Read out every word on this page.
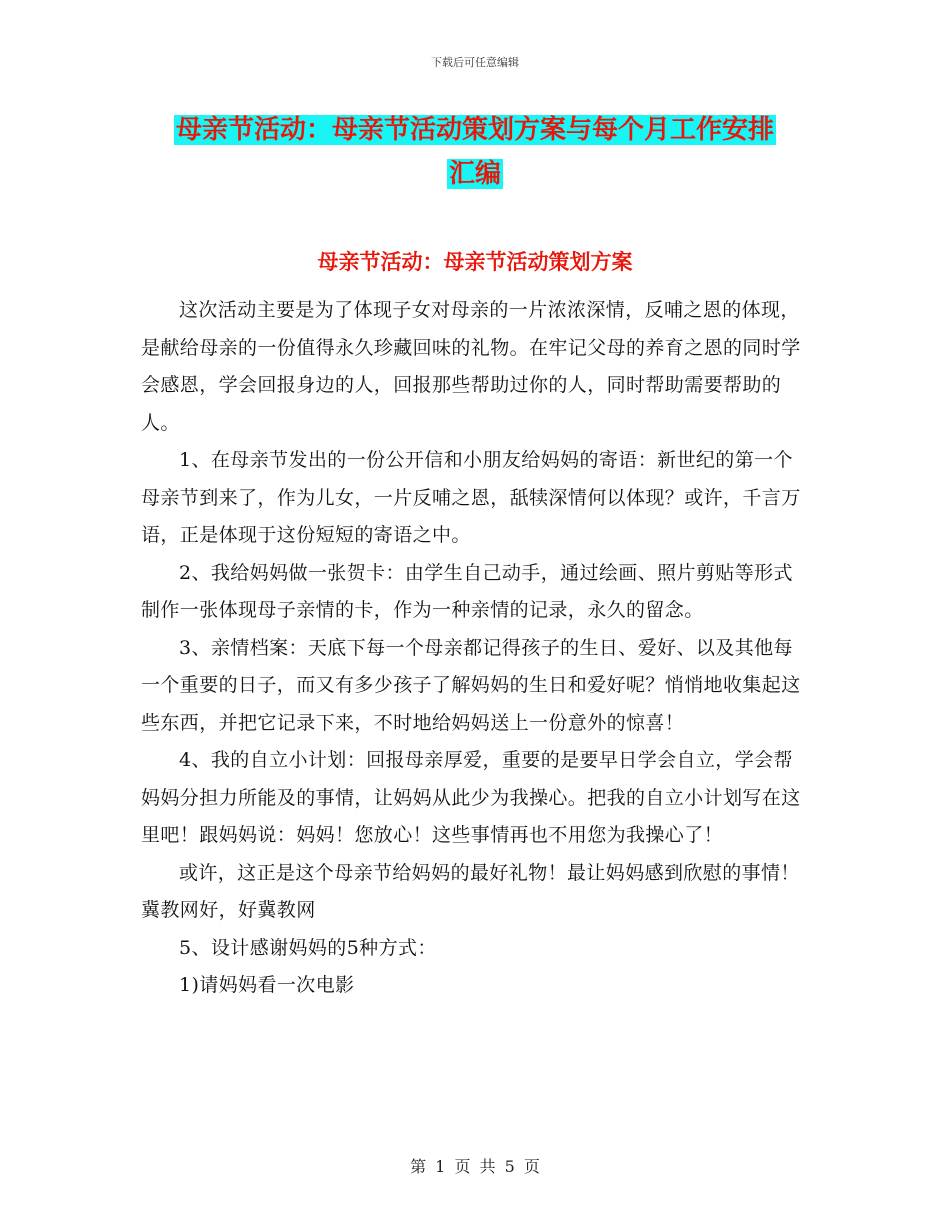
下载后可任意编辑
母亲节活动：母亲节活动策划方案与每个月工作安排
汇编
母亲节活动：母亲节活动策划方案

这次活动主要是为了体现子女对母亲的一片浓浓深情，反哺之恩的体现，是献给母亲的一份值得永久珍藏回味的礼物。在牢记父母的养育之恩的同时学会感恩，学会回报身边的人，回报那些帮助过你的人，同时帮助需要帮助的人。

1、在母亲节发出的一份公开信和小朋友给妈妈的寄语：新世纪的第一个母亲节到来了，作为儿女，一片反哺之恩，舐犊深情何以体现？或许，千言万语，正是体现于这份短短的寄语之中。

2、我给妈妈做一张贺卡：由学生自己动手，通过绘画、照片剪贴等形式制作一张体现母子亲情的卡，作为一种亲情的记录，永久的留念。

3、亲情档案：天底下每一个母亲都记得孩子的生日、爱好、以及其他每一个重要的日子，而又有多少孩子了解妈妈的生日和爱好呢？悄悄地收集起这些东西，并把它记录下来，不时地给妈妈送上一份意外的惊喜！

4、我的自立小计划：回报母亲厚爱，重要的是要早日学会自立，学会帮妈妈分担力所能及的事情，让妈妈从此少为我操心。把我的自立小计划写在这里吧！跟妈妈说：妈妈！您放心！这些事情再也不用您为我操心了！

或许，这正是这个母亲节给妈妈的最好礼物！最让妈妈感到欣慰的事情！ 冀教网好，好冀教网

5、设计感谢妈妈的5种方式：

1)请妈妈看一次电影

第 1 页 共 5 页
